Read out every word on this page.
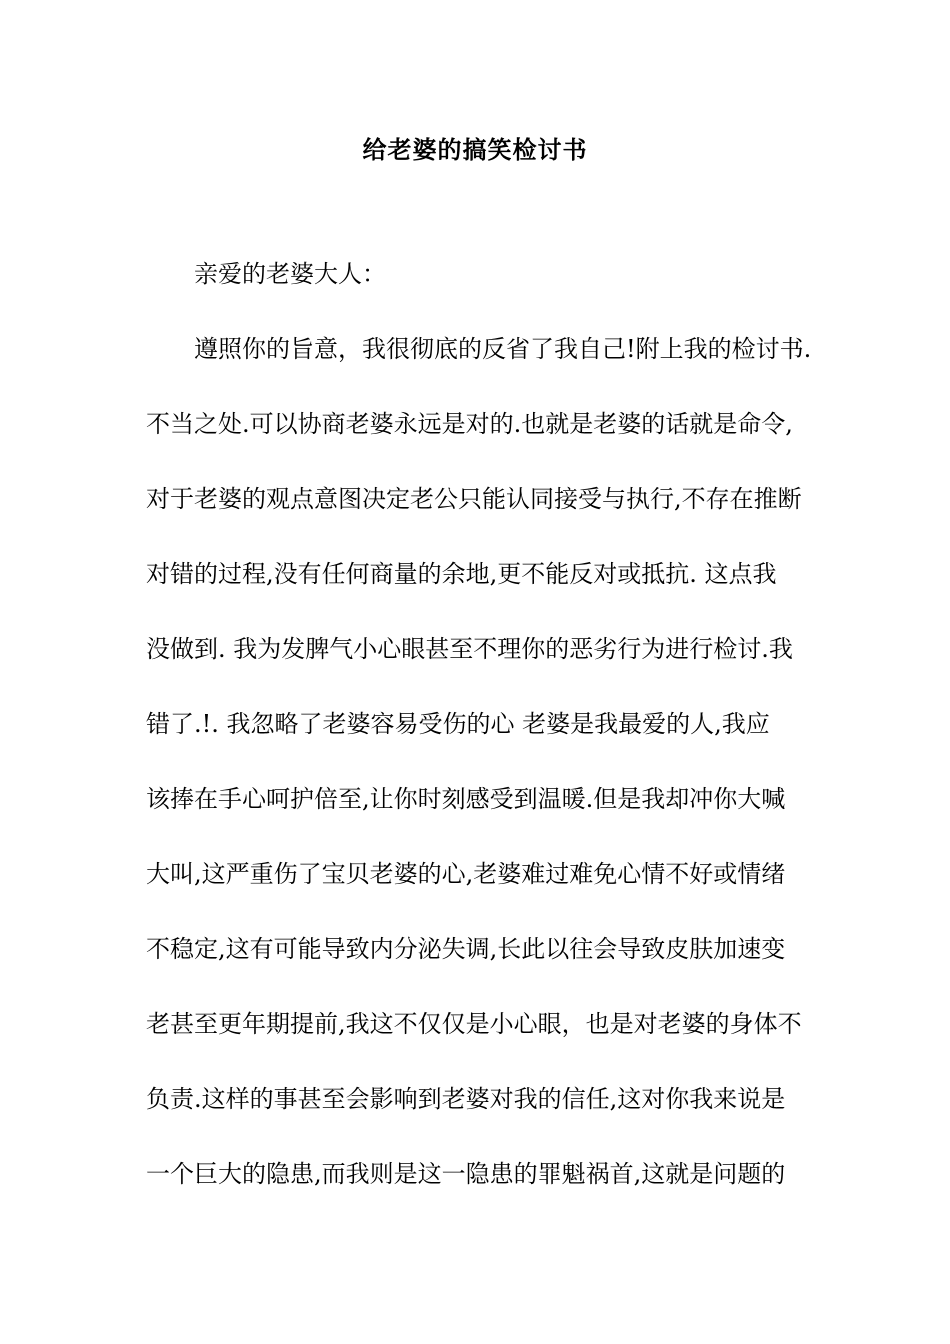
给老婆的搞笑检讨书

亲爱的老婆大人：

遵照你的旨意，我很彻底的反省了我自己!附上我的检讨书.

不当之处.可以协商老婆永远是对的.也就是老婆的话就是命令,

对于老婆的观点意图决定老公只能认同接受与执行,不存在推断

对错的过程,没有任何商量的余地,更不能反对或抵抗. 这点我

没做到. 我为发脾气小心眼甚至不理你的恶劣行为进行检讨.我

错了.!. 我忽略了老婆容易受伤的心 老婆是我最爱的人,我应

该捧在手心呵护倍至,让你时刻感受到温暖.但是我却冲你大喊

大叫,这严重伤了宝贝老婆的心,老婆难过难免心情不好或情绪

不稳定,这有可能导致内分泌失调,长此以往会导致皮肤加速变

老甚至更年期提前,我这不仅仅是小心眼，也是对老婆的身体不

负责.这样的事甚至会影响到老婆对我的信任,这对你我来说是

一个巨大的隐患,而我则是这一隐患的罪魁祸首,这就是问题的
